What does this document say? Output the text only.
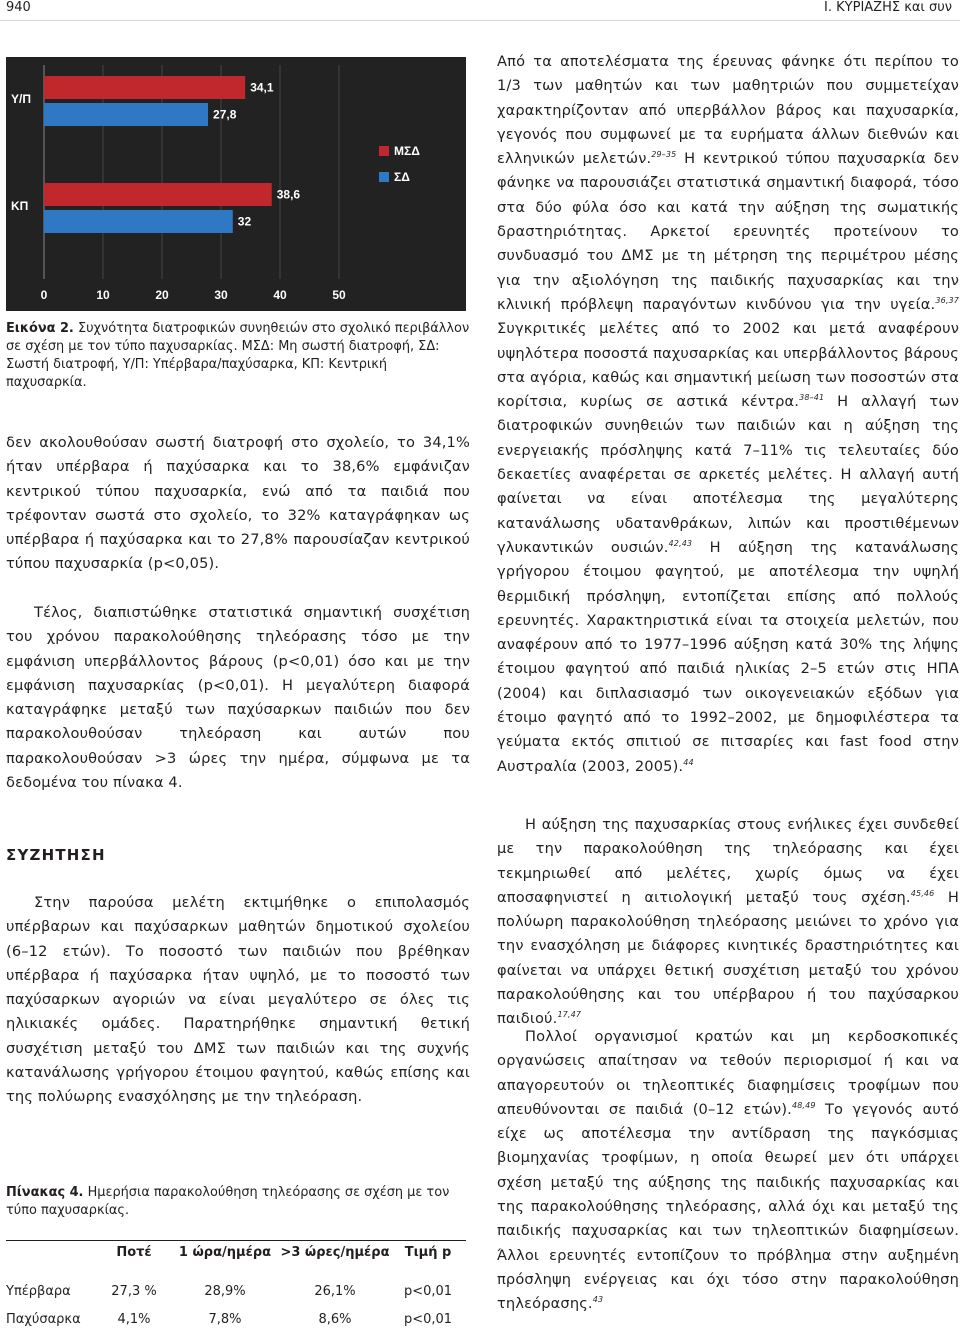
940	Ι. ΚΥΡΙΑΖΗΣ και συν
0	10	20	30	40	50
Υ/Π
34,1
27,8
ΚΠ
38,6
32
ΜΣΔ
ΣΔ
Εικόνα 2. Συχνότητα διατροφικών συνηθειών στο σχολικό περιβάλλον σε σχέση με τον τύπο παχυσαρκίας. ΜΣΔ: Μη σωστή διατροφή, ΣΔ: Σωστή διατροφή, Υ/Π: Υπέρβαρα/παχύσαρκα, ΚΠ: Κεντρική παχυσαρκία.

δεν ακολουθούσαν σωστή διατροφή στο σχολείο, το 34,1% ήταν υπέρβαρα ή παχύσαρκα και το 38,6% εμφάνιζαν κεντρικού τύπου παχυσαρκία, ενώ από τα παιδιά που τρέφονταν σωστά στο σχολείο, το 32% καταγράφηκαν ως υπέρβαρα ή παχύσαρκα και το 27,8% παρουσίαζαν κεντρικού τύπου παχυσαρκία (p<0,05).

Τέλος, διαπιστώθηκε στατιστικά σημαντική συσχέτιση του χρόνου παρακολούθησης τηλεόρασης τόσο με την εμφάνιση υπερβάλλοντος βάρους (p<0,01) όσο και με την εμφάνιση παχυσαρκίας (p<0,01). Η μεγαλύτερη διαφορά καταγράφηκε μεταξύ των παχύσαρκων παιδιών που δεν παρακολουθούσαν τηλεόραση και αυτών που παρακολουθούσαν >3 ώρες την ημέρα, σύμφωνα με τα δεδομένα του πίνακα 4.

ΣΥΖΗΤΗΣΗ

Στην παρούσα μελέτη εκτιμήθηκε ο επιπολασμός υπέρβαρων και παχύσαρκων μαθητών δημοτικού σχολείου (6–12 ετών). Το ποσοστό των παιδιών που βρέθηκαν υπέρβαρα ή παχύσαρκα ήταν υψηλό, με το ποσοστό των παχύσαρκων αγοριών να είναι μεγαλύτερο σε όλες τις ηλικιακές ομάδες. Παρατηρήθηκε σημαντική θετική συσχέτιση μεταξύ του ΔΜΣ των παιδιών και της συχνής κατανάλωσης γρήγορου έτοιμου φαγητού, καθώς επίσης και της πολύωρης ενασχόλησης με την τηλεόραση.

Πίνακας 4. Ημερήσια παρακολούθηση τηλεόρασης σε σχέση με τον τύπο παχυσαρκίας.
	Ποτέ	1 ώρα/ημέρα	>3 ώρες/ημέρα	Τιμή p
Υπέρβαρα	27,3 %	28,9%	26,1%	p<0,01
Παχύσαρκα	4,1%	7,8%	8,6%	p<0,01

Από τα αποτελέσματα της έρευνας φάνηκε ότι περίπου το 1/3 των μαθητών και των μαθητριών που συμμετείχαν χαρακτηρίζονταν από υπερβάλλον βάρος και παχυσαρκία, γεγονός που συμφωνεί με τα ευρήματα άλλων διεθνών και ελληνικών μελετών.$^{29-35}$ Η κεντρικού τύπου παχυσαρκία δεν φάνηκε να παρουσιάζει στατιστικά σημαντική διαφορά, τόσο στα δύο φύλα όσο και κατά την αύξηση της σωματικής δραστηριότητας. Αρκετοί ερευνητές προτείνουν το συνδυασμό του ΔΜΣ με τη μέτρηση της περιμέτρου μέσης για την αξιολόγηση της παιδικής παχυσαρκίας και την κλινική πρόβλεψη παραγόντων κινδύνου για την υγεία.$^{36,37}$ Συγκριτικές μελέτες από το 2002 και μετά αναφέρουν υψηλότερα ποσοστά παχυσαρκίας και υπερβάλλοντος βάρους στα αγόρια, καθώς και σημαντική μείωση των ποσοστών στα κορίτσια, κυρίως σε αστικά κέντρα.$^{38-41}$ Η αλλαγή των διατροφικών συνηθειών των παιδιών και η αύξηση της ενεργειακής πρόσληψης κατά 7–11% τις τελευταίες δύο δεκαετίες αναφέρεται σε αρκετές μελέτες. Η αλλαγή αυτή φαίνεται να είναι αποτέλεσμα της μεγαλύτερης κατανάλωσης υδατανθράκων, λιπών και προστιθέμενων γλυκαντικών ουσιών.$^{42,43}$ Η αύξηση της κατανάλωσης γρήγορου έτοιμου φαγητού, με αποτέλεσμα την υψηλή θερμιδική πρόσληψη, εντοπίζεται επίσης από πολλούς ερευνητές. Χαρακτηριστικά είναι τα στοιχεία μελετών, που αναφέρουν από το 1977–1996 αύξηση κατά 30% της λήψης έτοιμου φαγητού από παιδιά ηλικίας 2–5 ετών στις ΗΠΑ (2004) και διπλασιασμό των οικογενειακών εξόδων για έτοιμο φαγητό από το 1992–2002, με δημοφιλέστερα τα γεύματα εκτός σπιτιού σε πιτσαρίες και fast food στην Αυστραλία (2003, 2005).$^{44}$

Η αύξηση της παχυσαρκίας στους ενήλικες έχει συνδεθεί με την παρακολούθηση της τηλεόρασης και έχει τεκμηριωθεί από μελέτες, χωρίς όμως να έχει αποσαφηνιστεί η αιτιολογική μεταξύ τους σχέση.$^{45,46}$ Η πολύωρη παρακολούθηση τηλεόρασης μειώνει το χρόνο για την ενασχόληση με διάφορες κινητικές δραστηριότητες και φαίνεται να υπάρχει θετική συσχέτιση μεταξύ του χρόνου παρακολούθησης και του υπέρβαρου ή του παχύσαρκου παιδιού.$^{17,47}$

Πολλοί οργανισμοί κρατών και μη κερδοσκοπικές οργανώσεις απαίτησαν να τεθούν περιορισμοί ή και να απαγορευτούν οι τηλεοπτικές διαφημίσεις τροφίμων που απευθύνονται σε παιδιά (0–12 ετών).$^{48,49}$ Το γεγονός αυτό είχε ως αποτέλεσμα την αντίδραση της παγκόσμιας βιομηχανίας τροφίμων, η οποία θεωρεί μεν ότι υπάρχει σχέση μεταξύ της αύξησης της παιδικής παχυσαρκίας και της παρακολούθησης τηλεόρασης, αλλά όχι και μεταξύ της παιδικής παχυσαρκίας και των τηλεοπτικών διαφημίσεων. Άλλοι ερευνητές εντοπίζουν το πρόβλημα στην αυξημένη πρόσληψη ενέργειας και όχι τόσο στην παρακολούθηση τηλεόρασης.$^{43}$
